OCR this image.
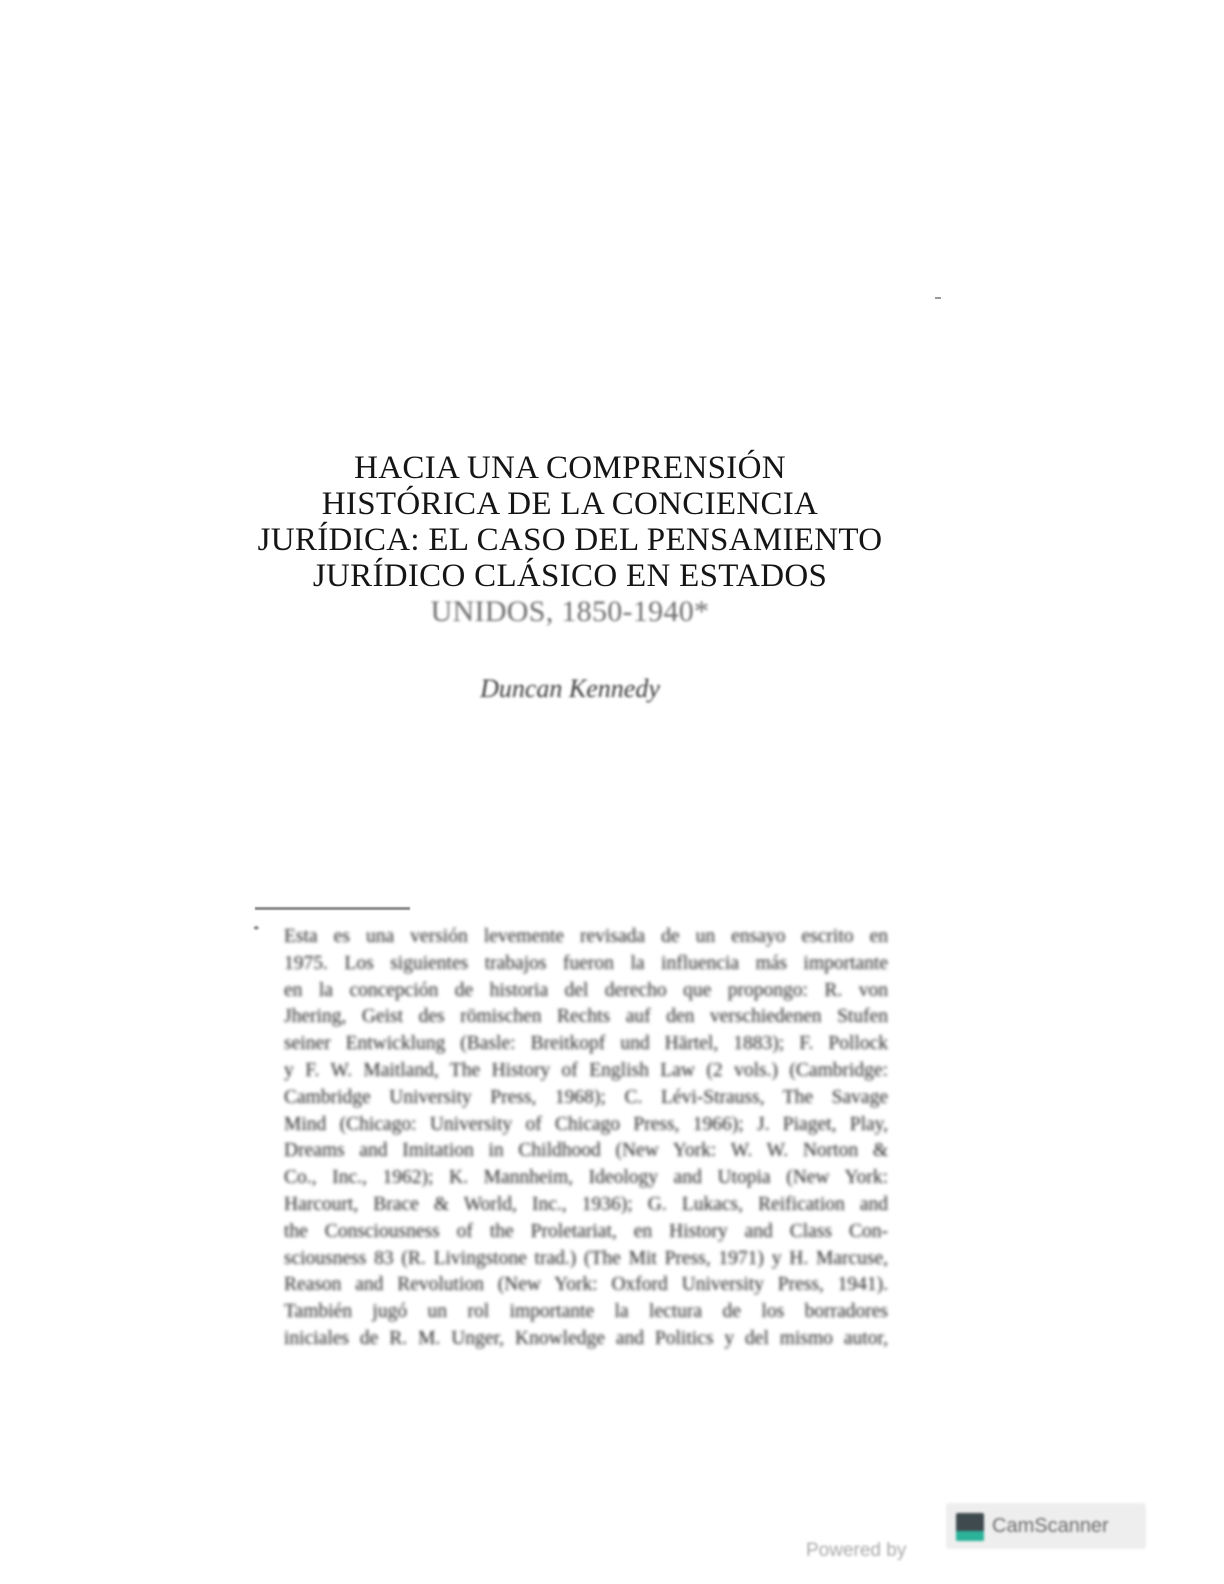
HACIA UNA COMPRENSIÓN
HISTÓRICA DE LA CONCIENCIA
JURÍDICA: EL CASO DEL PENSAMIENTO
JURÍDICO CLÁSICO EN ESTADOS
UNIDOS, 1850-1940*
Duncan Kennedy
* Esta es una versión levemente revisada de un ensayo escrito en
1975. Los siguientes trabajos fueron la influencia más importante
en la concepción de historia del derecho que propongo: R. von
Jhering, Geist des römischen Rechts auf den verschiedenen Stufen
seiner Entwicklung (Basle: Breitkopf und Härtel, 1883); F. Pollock
y F. W. Maitland, The History of English Law (2 vols.) (Cambridge:
Cambridge University Press, 1968); C. Lévi-Strauss, The Savage
Mind (Chicago: University of Chicago Press, 1966); J. Piaget, Play,
Dreams and Imitation in Childhood (New York: W. W. Norton &
Co., Inc., 1962); K. Mannheim, Ideology and Utopia (New York:
Harcourt, Brace & World, Inc., 1936); G. Lukacs, Reification and
the Consciousness of the Proletariat, en History and Class Con-
sciousness 83 (R. Livingstone trad.) (The Mit Press, 1971) y H. Marcuse,
Reason and Revolution (New York: Oxford University Press, 1941).
También jugó un rol importante la lectura de los borradores
iniciales de R. M. Unger, Knowledge and Politics y del mismo autor,
Powered by
CamScanner
